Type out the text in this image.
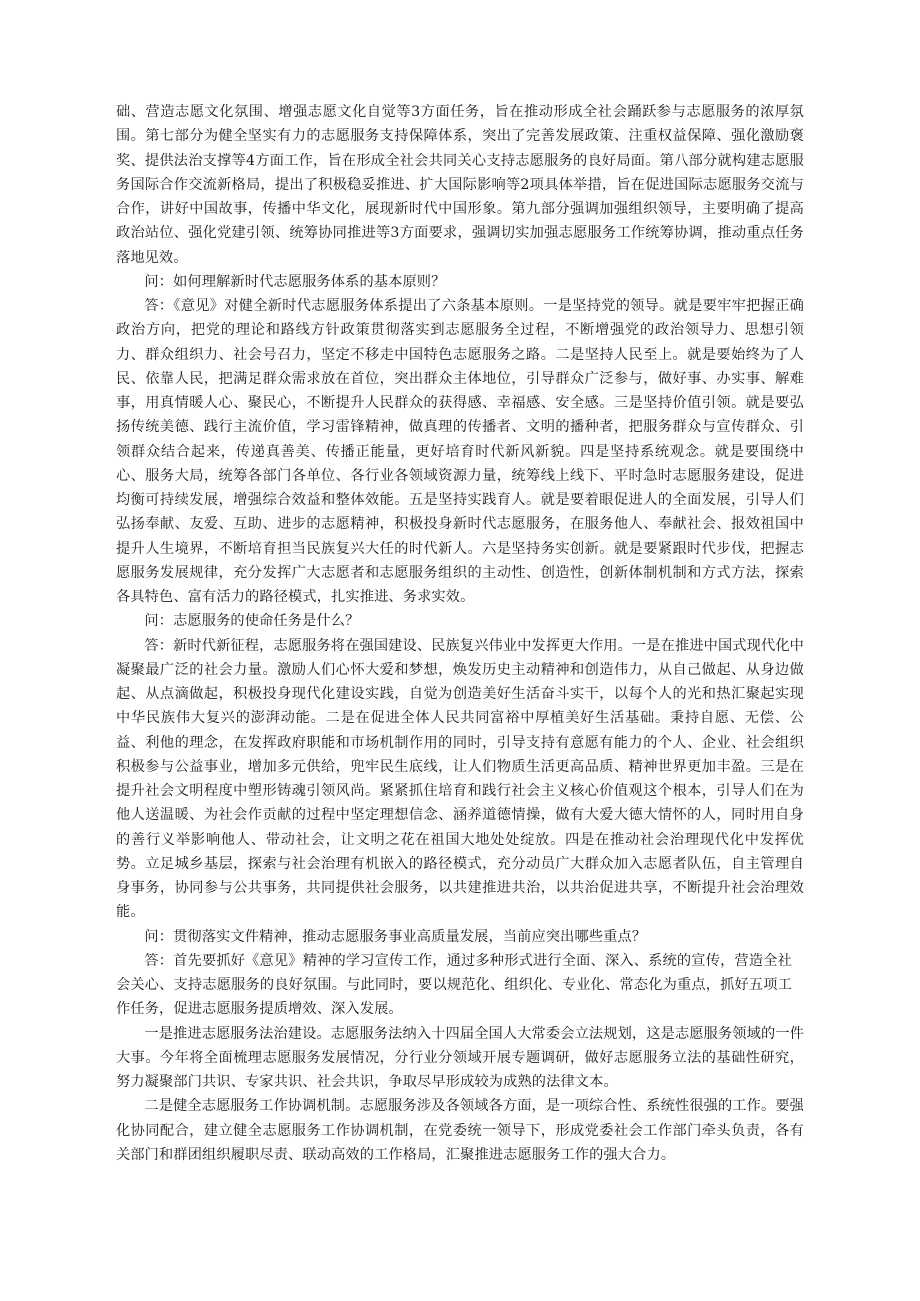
础、营造志愿文化氛围、增强志愿文化自觉等3方面任务，旨在推动形成全社会踊跃参与志愿服务的浓厚氛围。第七部分为健全坚实有力的志愿服务支持保障体系，突出了完善发展政策、注重权益保障、强化激励褒奖、提供法治支撑等4方面工作，旨在形成全社会共同关心支持志愿服务的良好局面。第八部分就构建志愿服务国际合作交流新格局，提出了积极稳妥推进、扩大国际影响等2项具体举措，旨在促进国际志愿服务交流与合作，讲好中国故事，传播中华文化，展现新时代中国形象。第九部分强调加强组织领导，主要明确了提高政治站位、强化党建引领、统筹协同推进等3方面要求，强调切实加强志愿服务工作统筹协调，推动重点任务落地见效。

问：如何理解新时代志愿服务体系的基本原则？

答：《意见》对健全新时代志愿服务体系提出了六条基本原则。一是坚持党的领导。就是要牢牢把握正确政治方向，把党的理论和路线方针政策贯彻落实到志愿服务全过程，不断增强党的政治领导力、思想引领力、群众组织力、社会号召力，坚定不移走中国特色志愿服务之路。二是坚持人民至上。就是要始终为了人民、依靠人民，把满足群众需求放在首位，突出群众主体地位，引导群众广泛参与，做好事、办实事、解难事，用真情暖人心、聚民心，不断提升人民群众的获得感、幸福感、安全感。三是坚持价值引领。就是要弘扬传统美德、践行主流价值，学习雷锋精神，做真理的传播者、文明的播种者，把服务群众与宣传群众、引领群众结合起来，传递真善美、传播正能量，更好培育时代新风新貌。四是坚持系统观念。就是要围绕中心、服务大局，统筹各部门各单位、各行业各领域资源力量，统筹线上线下、平时急时志愿服务建设，促进均衡可持续发展，增强综合效益和整体效能。五是坚持实践育人。就是要着眼促进人的全面发展，引导人们弘扬奉献、友爱、互助、进步的志愿精神，积极投身新时代志愿服务，在服务他人、奉献社会、报效祖国中提升人生境界，不断培育担当民族复兴大任的时代新人。六是坚持务实创新。就是要紧跟时代步伐，把握志愿服务发展规律，充分发挥广大志愿者和志愿服务组织的主动性、创造性，创新体制机制和方式方法，探索各具特色、富有活力的路径模式，扎实推进、务求实效。

问：志愿服务的使命任务是什么？

答：新时代新征程，志愿服务将在强国建设、民族复兴伟业中发挥更大作用。一是在推进中国式现代化中凝聚最广泛的社会力量。激励人们心怀大爱和梦想，焕发历史主动精神和创造伟力，从自己做起、从身边做起、从点滴做起，积极投身现代化建设实践，自觉为创造美好生活奋斗实干，以每个人的光和热汇聚起实现中华民族伟大复兴的澎湃动能。二是在促进全体人民共同富裕中厚植美好生活基础。秉持自愿、无偿、公益、利他的理念，在发挥政府职能和市场机制作用的同时，引导支持有意愿有能力的个人、企业、社会组织积极参与公益事业，增加多元供给，兜牢民生底线，让人们物质生活更高品质、精神世界更加丰盈。三是在提升社会文明程度中塑形铸魂引领风尚。紧紧抓住培育和践行社会主义核心价值观这个根本，引导人们在为他人送温暖、为社会作贡献的过程中坚定理想信念、涵养道德情操，做有大爱大德大情怀的人，同时用自身的善行义举影响他人、带动社会，让文明之花在祖国大地处处绽放。四是在推动社会治理现代化中发挥优势。立足城乡基层，探索与社会治理有机嵌入的路径模式，充分动员广大群众加入志愿者队伍，自主管理自身事务，协同参与公共事务，共同提供社会服务，以共建推进共治，以共治促进共享，不断提升社会治理效能。

问：贯彻落实文件精神，推动志愿服务事业高质量发展，当前应突出哪些重点？

答：首先要抓好《意见》精神的学习宣传工作，通过多种形式进行全面、深入、系统的宣传，营造全社会关心、支持志愿服务的良好氛围。与此同时，要以规范化、组织化、专业化、常态化为重点，抓好五项工作任务，促进志愿服务提质增效、深入发展。

一是推进志愿服务法治建设。志愿服务法纳入十四届全国人大常委会立法规划，这是志愿服务领域的一件大事。今年将全面梳理志愿服务发展情况，分行业分领域开展专题调研，做好志愿服务立法的基础性研究，努力凝聚部门共识、专家共识、社会共识，争取尽早形成较为成熟的法律文本。

二是健全志愿服务工作协调机制。志愿服务涉及各领域各方面，是一项综合性、系统性很强的工作。要强化协同配合，建立健全志愿服务工作协调机制，在党委统一领导下，形成党委社会工作部门牵头负责，各有关部门和群团组织履职尽责、联动高效的工作格局，汇聚推进志愿服务工作的强大合力。
